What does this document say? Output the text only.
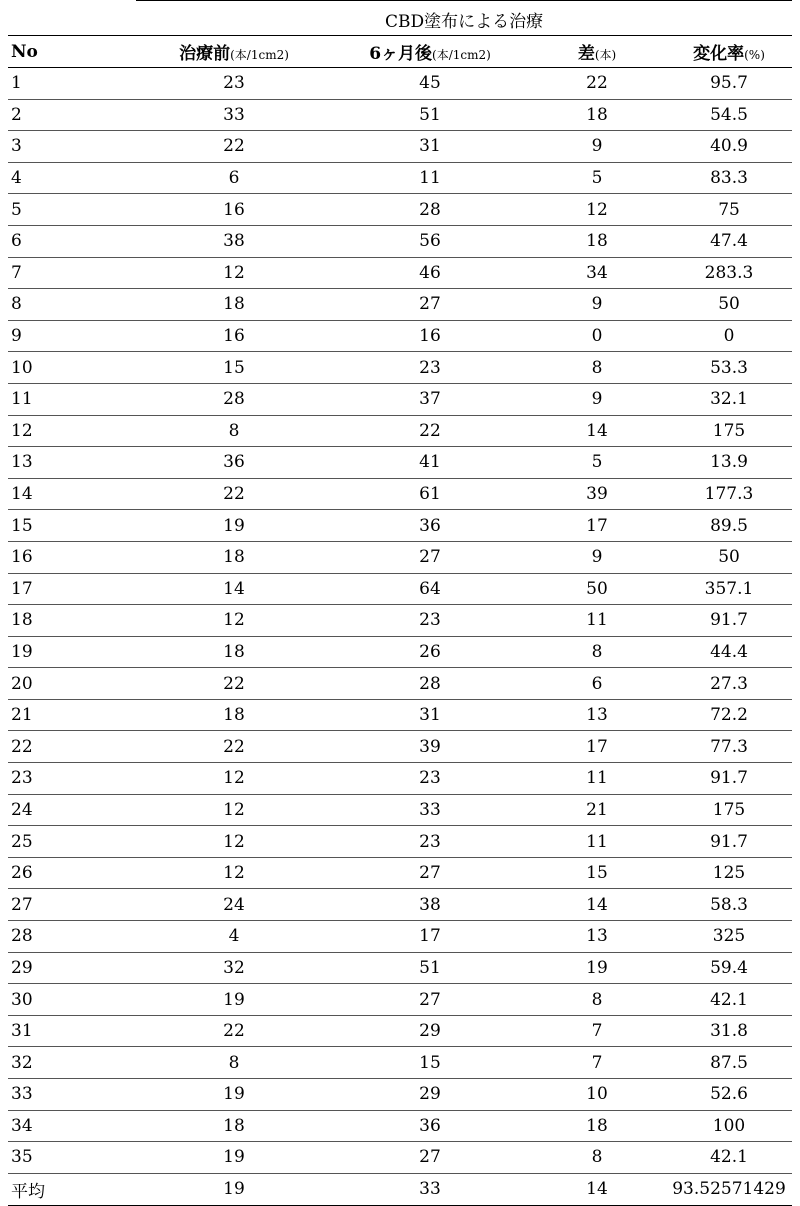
	CBD塗布による治療			
No	治療前(本/1cm2)	6ヶ月後(本/1cm2)	差(本)	変化率(%)
1	23	45	22	95.7
2	33	51	18	54.5
3	22	31	9	40.9
4	6	11	5	83.3
5	16	28	12	75
6	38	56	18	47.4
7	12	46	34	283.3
8	18	27	9	50
9	16	16	0	0
10	15	23	8	53.3
11	28	37	9	32.1
12	8	22	14	175
13	36	41	5	13.9
14	22	61	39	177.3
15	19	36	17	89.5
16	18	27	9	50
17	14	64	50	357.1
18	12	23	11	91.7
19	18	26	8	44.4
20	22	28	6	27.3
21	18	31	13	72.2
22	22	39	17	77.3
23	12	23	11	91.7
24	12	33	21	175
25	12	23	11	91.7
26	12	27	15	125
27	24	38	14	58.3
28	4	17	13	325
29	32	51	19	59.4
30	19	27	8	42.1
31	22	29	7	31.8
32	8	15	7	87.5
33	19	29	10	52.6
34	18	36	18	100
35	19	27	8	42.1
平均	19	33	14	93.52571429
